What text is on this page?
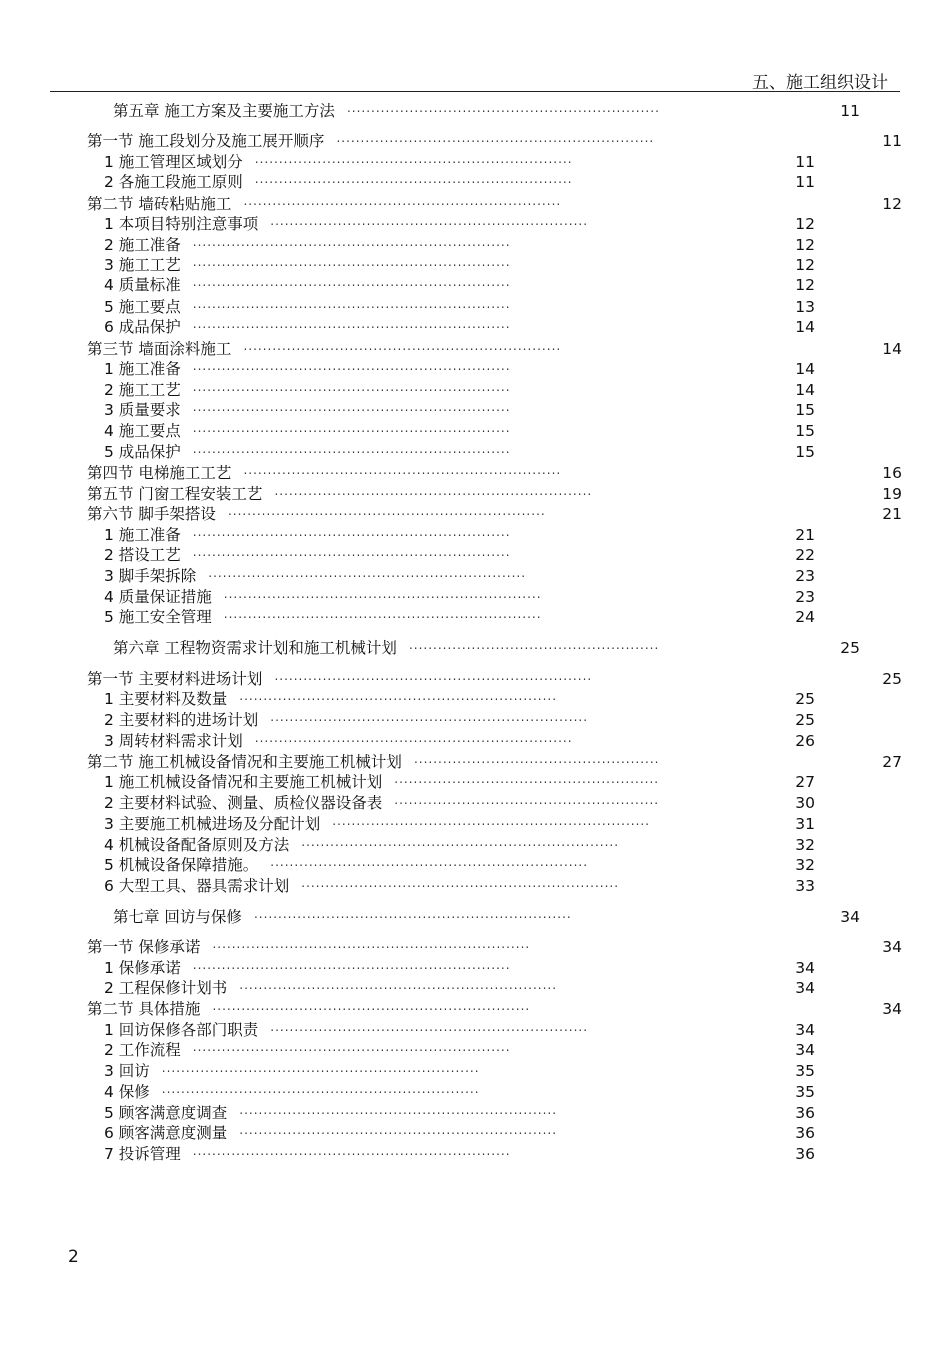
五、施工组织设计
第五章 施工方案及主要施工方法 .................................................................	11
第一节 施工段划分及施工展开顺序 ..................................................................	11
1 施工管理区域划分 ..................................................................	11
2 各施工段施工原则 ..................................................................	11
第二节 墙砖粘贴施工 ..................................................................	12
1 本项目特别注意事项 ..................................................................	12
2 施工准备 ..................................................................	12
3 施工工艺 ..................................................................	12
4 质量标准 ..................................................................	12
5 施工要点 ..................................................................	13
6 成品保护 ..................................................................	14
第三节 墙面涂料施工 ..................................................................	14
1 施工准备 ..................................................................	14
2 施工工艺 ..................................................................	14
3 质量要求 ..................................................................	15
4 施工要点 ..................................................................	15
5 成品保护 ..................................................................	15
第四节 电梯施工工艺 ..................................................................	16
第五节 门窗工程安装工艺 ..................................................................	19
第六节 脚手架搭设 ..................................................................	21
1 施工准备 ..................................................................	21
2 搭设工艺 ..................................................................	22
3 脚手架拆除 ..................................................................	23
4 质量保证措施 ..................................................................	23
5 施工安全管理 ..................................................................	24
第六章 工程物资需求计划和施工机械计划 ....................................................	25
第一节 主要材料进场计划 ..................................................................	25
1 主要材料及数量 ..................................................................	25
2 主要材料的进场计划 ..................................................................	25
3 周转材料需求计划 ..................................................................	26
第二节 施工机械设备情况和主要施工机械计划 ...................................................	27
1 施工机械设备情况和主要施工机械计划 .......................................................	27
2 主要材料试验、测量、质检仪器设备表 .......................................................	30
3 主要施工机械进场及分配计划 ..................................................................	31
4 机械设备配备原则及方法 ..................................................................	32
5 机械设备保障措施。 ..................................................................	32
6 大型工具、器具需求计划 ..................................................................	33
第七章 回访与保修 ..................................................................	34
第一节 保修承诺 ..................................................................	34
1 保修承诺 ..................................................................	34
2 工程保修计划书 ..................................................................	34
第二节 具体措施 ..................................................................	34
1 回访保修各部门职责 ..................................................................	34
2 工作流程 ..................................................................	34
3 回访 ..................................................................	35
4 保修 ..................................................................	35
5 顾客满意度调查 ..................................................................	36
6 顾客满意度测量 ..................................................................	36
7 投诉管理 ..................................................................	36
2
